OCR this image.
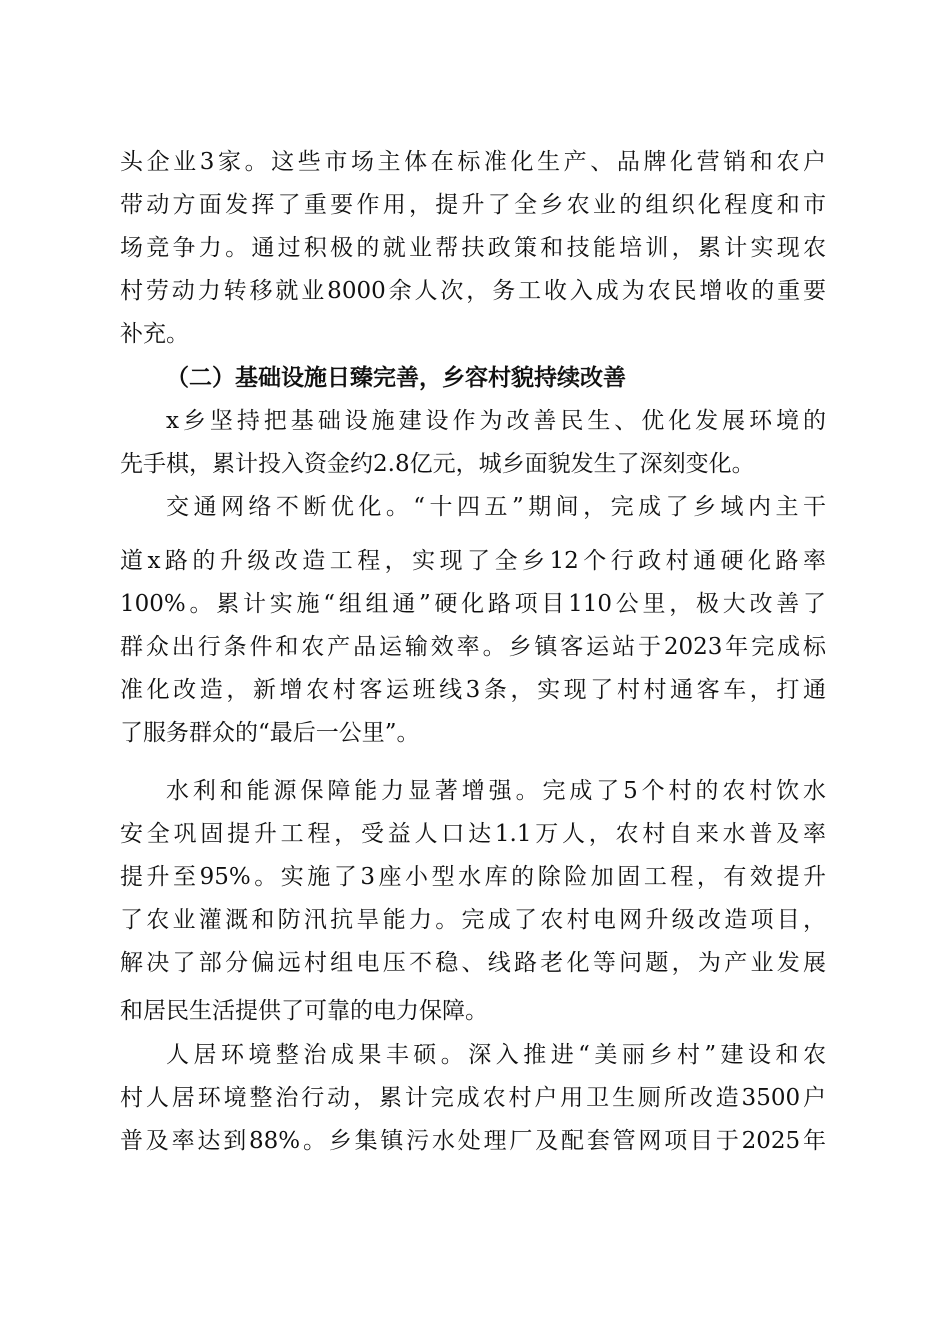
头企业3家。这些市场主体在标准化生产、品牌化营销和农户
带动方面发挥了重要作用，提升了全乡农业的组织化程度和市
场竞争力。通过积极的就业帮扶政策和技能培训，累计实现农
村劳动力转移就业8000余人次，务工收入成为农民增收的重要
补充。
（二）基础设施日臻完善，乡容村貌持续改善
x乡坚持把基础设施建设作为改善民生、优化发展环境的
先手棋，累计投入资金约2.8亿元，城乡面貌发生了深刻变化。
交通网络不断优化。“十四五”期间，完成了乡域内主干
道x路的升级改造工程，实现了全乡12个行政村通硬化路率
100%。累计实施“组组通”硬化路项目110公里，极大改善了
群众出行条件和农产品运输效率。乡镇客运站于2023年完成标
准化改造，新增农村客运班线3条，实现了村村通客车，打通
了服务群众的“最后一公里”。
水利和能源保障能力显著增强。完成了5个村的农村饮水
安全巩固提升工程，受益人口达1.1万人，农村自来水普及率
提升至95%。实施了3座小型水库的除险加固工程，有效提升
了农业灌溉和防汛抗旱能力。完成了农村电网升级改造项目，
解决了部分偏远村组电压不稳、线路老化等问题，为产业发展
和居民生活提供了可靠的电力保障。
人居环境整治成果丰硕。深入推进“美丽乡村”建设和农
村人居环境整治行动，累计完成农村户用卫生厕所改造3500户
普及率达到88%。乡集镇污水处理厂及配套管网项目于2025年
